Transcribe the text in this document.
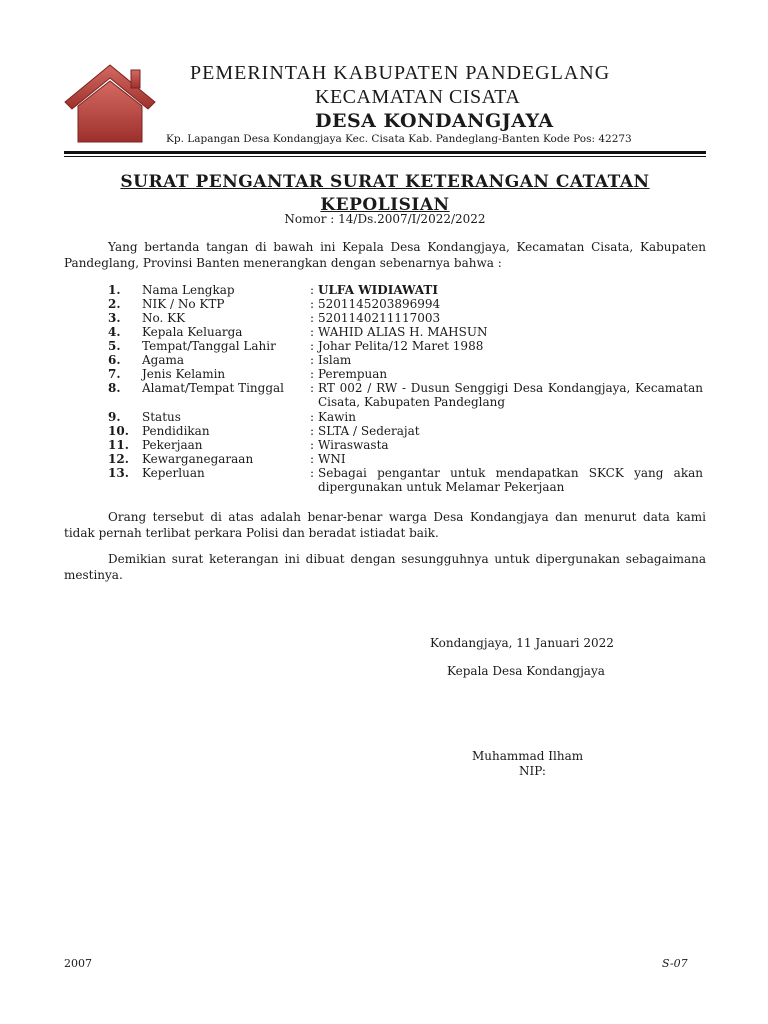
PEMERINTAH KABUPATEN PANDEGLANG
KECAMATAN CISATA
DESA KONDANGJAYA
Kp. Lapangan Desa Kondangjaya Kec. Cisata Kab. Pandeglang-Banten Kode Pos: 42273
SURAT PENGANTAR SURAT KETERANGAN CATATAN
KEPOLISIAN
Nomor : 14/Ds.2007/I/2022/2022
Yang bertanda tangan di bawah ini Kepala Desa Kondangjaya, Kecamatan Cisata, Kabupaten Pandeglang, Provinsi Banten menerangkan dengan sebenarnya bahwa :
1. Nama Lengkap	: ULFA WIDIAWATI
2. NIK / No KTP	: 5201145203896994
3. No. KK	: 5201140211117003
4. Kepala Keluarga	: WAHID ALIAS H. MAHSUN
5. Tempat/Tanggal Lahir	: Johar Pelita/12 Maret 1988
6. Agama	: Islam
7. Jenis Kelamin	: Perempuan
8. Alamat/Tempat Tinggal : RT 002 / RW - Dusun Senggigi Desa Kondangjaya, Kecamatan Cisata, Kabupaten Pandeglang
9. Status	: Kawin
10. Pendidikan	: SLTA / Sederajat
11. Pekerjaan	: Wiraswasta
12. Kewarganegaraan	: WNI
13. Keperluan	: Sebagai pengantar untuk mendapatkan SKCK yang akan dipergunakan untuk Melamar Pekerjaan
Orang tersebut di atas adalah benar-benar warga Desa Kondangjaya dan menurut data kami tidak pernah terlibat perkara Polisi dan beradat istiadat baik.
Demikian surat keterangan ini dibuat dengan sesungguhnya untuk dipergunakan sebagaimana mestinya.
Kondangjaya, 11 Januari 2022
Kepala Desa Kondangjaya
Muhammad Ilham
NIP:
2007	S-07
